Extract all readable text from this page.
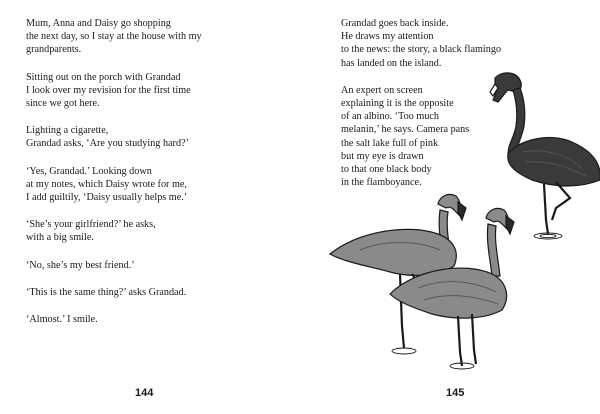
Mum, Anna and Daisy go shopping
the next day, so I stay at the house with my
grandparents.

Sitting out on the porch with Grandad
I look over my revision for the first time
since we got here.

Lighting a cigarette,
Grandad asks, ‘Are you studying hard?’

‘Yes, Grandad.’ Looking down
at my notes, which Daisy wrote for me,
I add guiltily, ‘Daisy usually helps me.’

‘She’s your girlfriend?’ he asks,
with a big smile.

‘No, she’s my best friend.’

‘This is the same thing?’ asks Grandad.

‘Almost.’ I smile.

144

Grandad goes back inside.
He draws my attention
to the news: the story, a black flamingo
has landed on the island.

An expert on screen
explaining it is the opposite
of an albino. ‘Too much
melanin,’ he says. Camera pans
the salt lake full of pink
but my eye is drawn
to that one black body
in the flamboyance.

145
